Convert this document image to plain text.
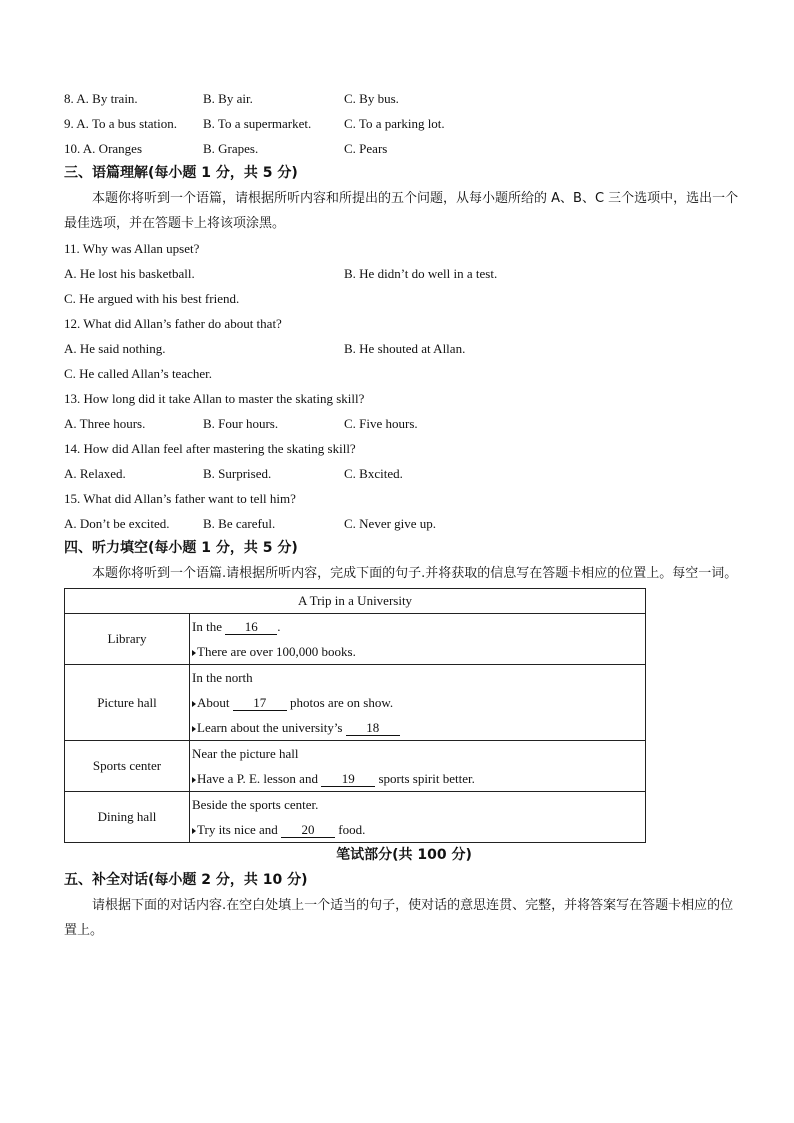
8. A. By train.	B. By air.	C. By bus.
9. A. To a bus station. B. To a supermarket.	C. To a parking lot.
10. A. Oranges	B. Grapes.	C. Pears
三、语篇理解(每小题 1 分，共 5 分)

本题你将听到一个语篇，请根据所听内容和所提出的五个问题，从每小题所给的 A、B、C 三个选项中，选出一个最佳选项，并在答题卡上将该项涂黑。

11. Why was Allan upset?
A. He lost his basketball.	B. He didn’t do well in a test.
C. He argued with his best friend.
12. What did Allan’s father do about that?
A. He said nothing.	B. He shouted at Allan.
C. He called Allan’s teacher.
13. How long did it take Allan to master the skating skill?
A. Three hours.	B. Four hours.	C. Five hours.
14. How did Allan feel after mastering the skating skill?
A. Relaxed.	B. Surprised.	C. Bxcited.
15. What did Allan’s father want to tell him?
A. Don’t be excited.	B. Be careful.	C. Never give up.
四、听力填空(每小题 1 分，共 5 分)

本题你将听到一个语篇.请根据所听内容，完成下面的句子.并将获取的信息写在答题卡相应的位置上。每空一词。

A Trip in a University	
Library	In the 16 .
There are over 100,000 books.

Picture hall	In the north
About 17 photos are on show.
Learn about the university’s 18

Sports center	Near the picture hall
Have a P. E. lesson and 19 sports spirit better.

Dining hall	Beside the sports center.
Try its nice and 20 food.
笔试部分(共 100 分)
五、补全对话(每小题 2 分，共 10 分)

请根据下面的对话内容.在空白处填上一个适当的句子，使对话的意思连贯、完整，并将答案写在答题卡相应的位置上。
